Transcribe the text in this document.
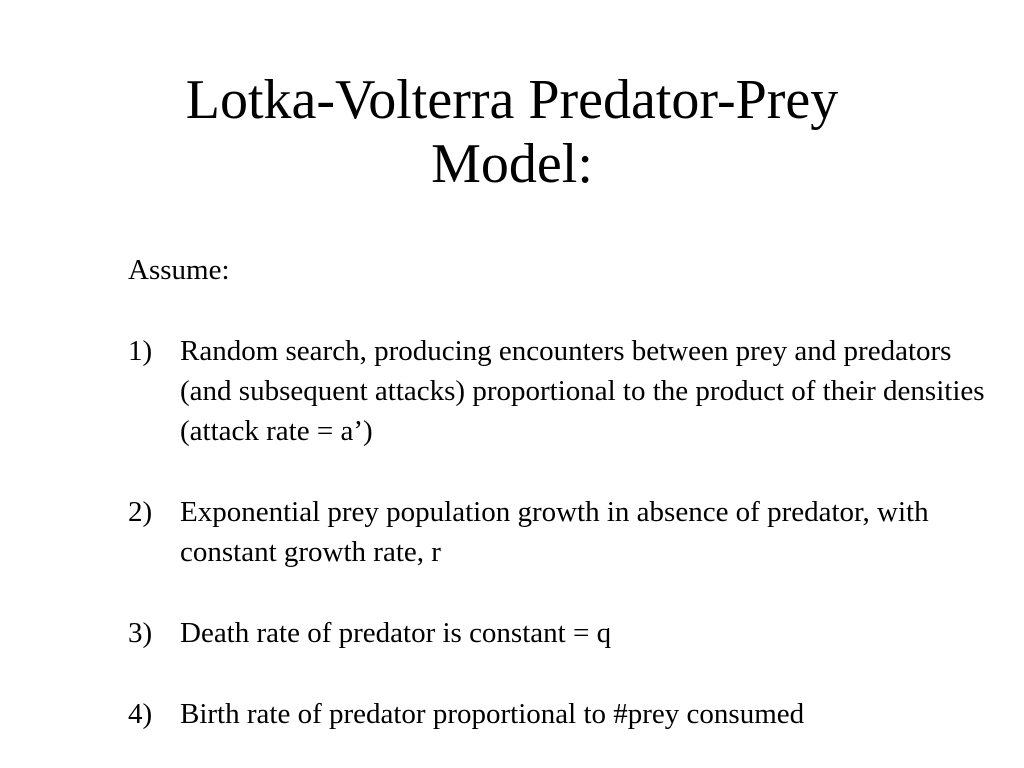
Lotka-Volterra Predator-Prey
Model:
Assume:
1) Random search, producing encounters between prey and predators (and subsequent attacks) proportional to the product of their densities (attack rate = a’)
2) Exponential prey population growth in absence of predator, with constant growth rate, r
3) Death rate of predator is constant = q
4) Birth rate of predator proportional to #prey consumed
